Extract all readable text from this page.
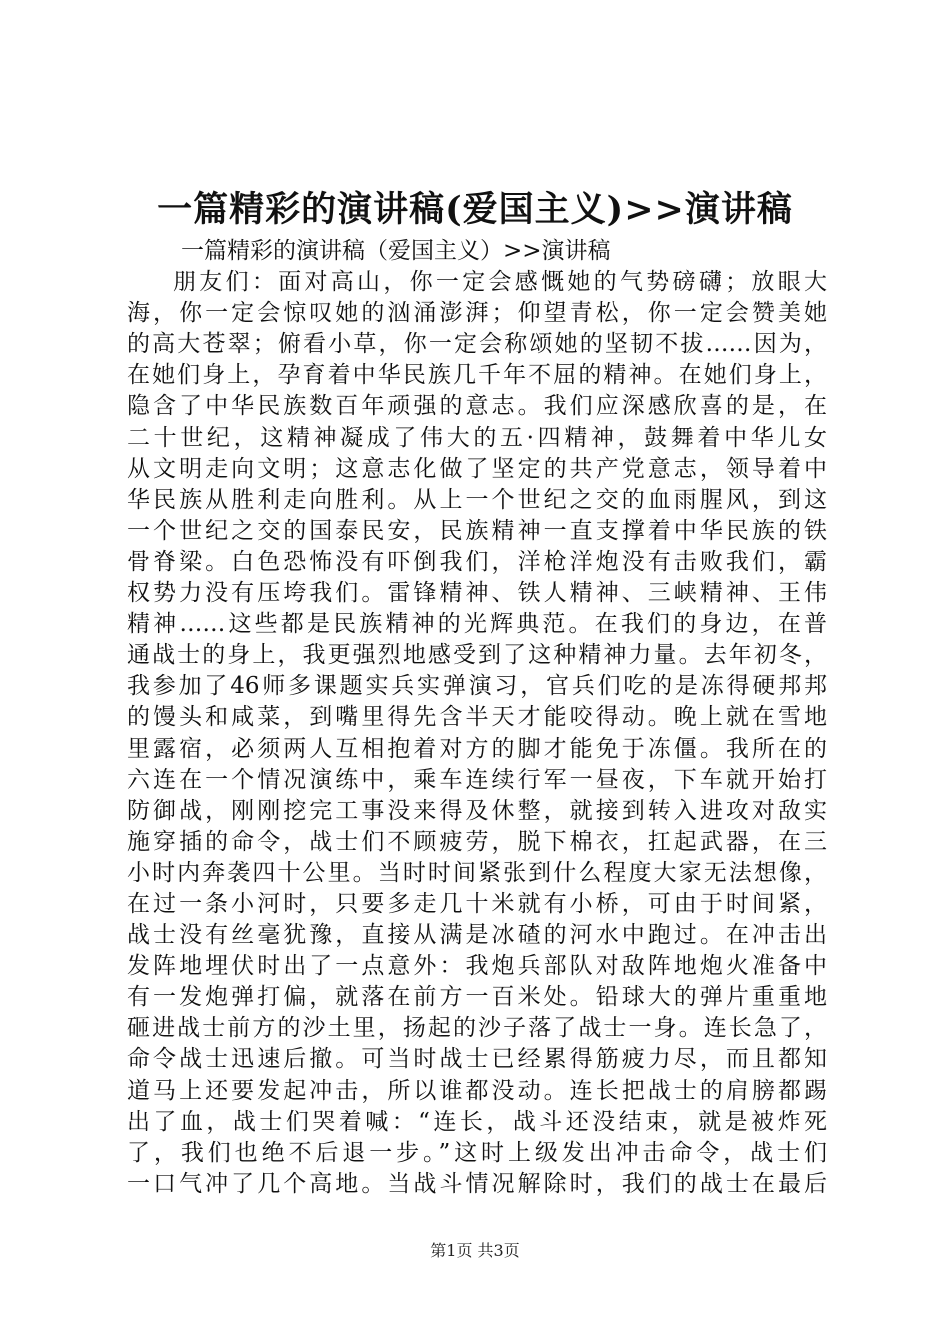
一篇精彩的演讲稿(爱国主义)>>演讲稿
一篇精彩的演讲稿（爱国主义）>>演讲稿
朋友们：面对高山，你一定会感慨她的气势磅礴；放眼大
海，你一定会惊叹她的汹涌澎湃；仰望青松，你一定会赞美她
的高大苍翠；俯看小草，你一定会称颂她的坚韧不拔……因为，
在她们身上，孕育着中华民族几千年不屈的精神。在她们身上，
隐含了中华民族数百年顽强的意志。我们应深感欣喜的是，在
二十世纪，这精神凝成了伟大的五·四精神，鼓舞着中华儿女
从文明走向文明；这意志化做了坚定的共产党意志，领导着中
华民族从胜利走向胜利。从上一个世纪之交的血雨腥风，到这
一个世纪之交的国泰民安，民族精神一直支撑着中华民族的铁
骨脊梁。白色恐怖没有吓倒我们，洋枪洋炮没有击败我们，霸
权势力没有压垮我们。雷锋精神、铁人精神、三峡精神、王伟
精神……这些都是民族精神的光辉典范。在我们的身边，在普
通战士的身上，我更强烈地感受到了这种精神力量。去年初冬，
我参加了46师多课题实兵实弹演习，官兵们吃的是冻得硬邦邦
的馒头和咸菜，到嘴里得先含半天才能咬得动。晚上就在雪地
里露宿，必须两人互相抱着对方的脚才能免于冻僵。我所在的
六连在一个情况演练中，乘车连续行军一昼夜，下车就开始打
防御战，刚刚挖完工事没来得及休整，就接到转入进攻对敌实
施穿插的命令，战士们不顾疲劳，脱下棉衣，扛起武器，在三
小时内奔袭四十公里。当时时间紧张到什么程度大家无法想像，
在过一条小河时，只要多走几十米就有小桥，可由于时间紧，
战士没有丝毫犹豫，直接从满是冰碴的河水中跑过。在冲击出
发阵地埋伏时出了一点意外：我炮兵部队对敌阵地炮火准备中
有一发炮弹打偏，就落在前方一百米处。铅球大的弹片重重地
砸进战士前方的沙土里，扬起的沙子落了战士一身。连长急了，
命令战士迅速后撤。可当时战士已经累得筋疲力尽，而且都知
道马上还要发起冲击，所以谁都没动。连长把战士的肩膀都踢
出了血，战士们哭着喊：“连长，战斗还没结束，就是被炸死
了，我们也绝不后退一步。”这时上级发出冲击命令，战士们
一口气冲了几个高地。当战斗情况解除时，我们的战士在最后
第1页 共3页
